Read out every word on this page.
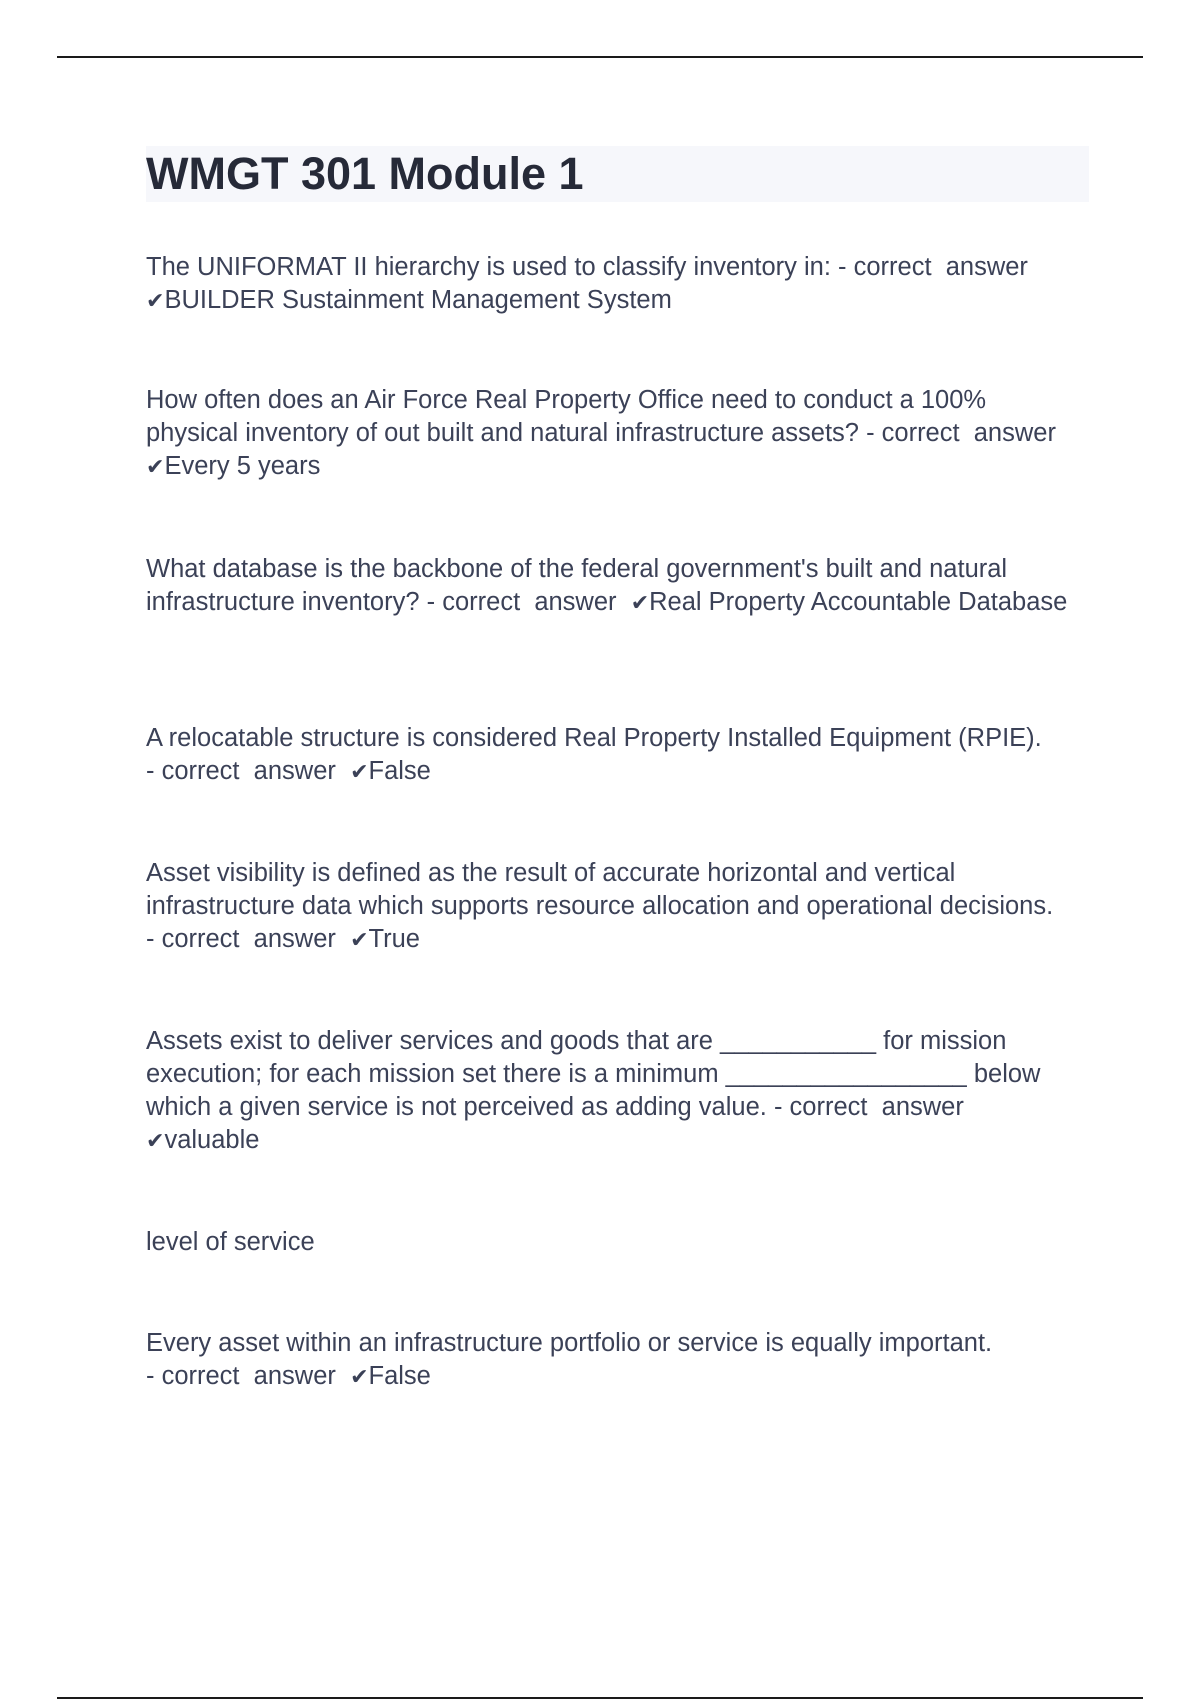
WMGT 301 Module 1

The UNIFORMAT II hierarchy is used to classify inventory in: - correct  answer  ✔BUILDER Sustainment Management System

How often does an Air Force Real Property Office need to conduct a 100% physical inventory of out built and natural infrastructure assets? - correct  answer  ✔Every 5 years

What database is the backbone of the federal government's built and natural infrastructure inventory? - correct  answer  ✔Real Property Accountable Database

A relocatable structure is considered Real Property Installed Equipment (RPIE). - correct  answer  ✔False

Asset visibility is defined as the result of accurate horizontal and vertical infrastructure data which supports resource allocation and operational decisions. - correct  answer  ✔True

Assets exist to deliver services and goods that are ___________ for mission execution; for each mission set there is a minimum _________________ below which a given service is not perceived as adding value. - correct  answer  ✔valuable

level of service

Every asset within an infrastructure portfolio or service is equally important. - correct  answer  ✔False
